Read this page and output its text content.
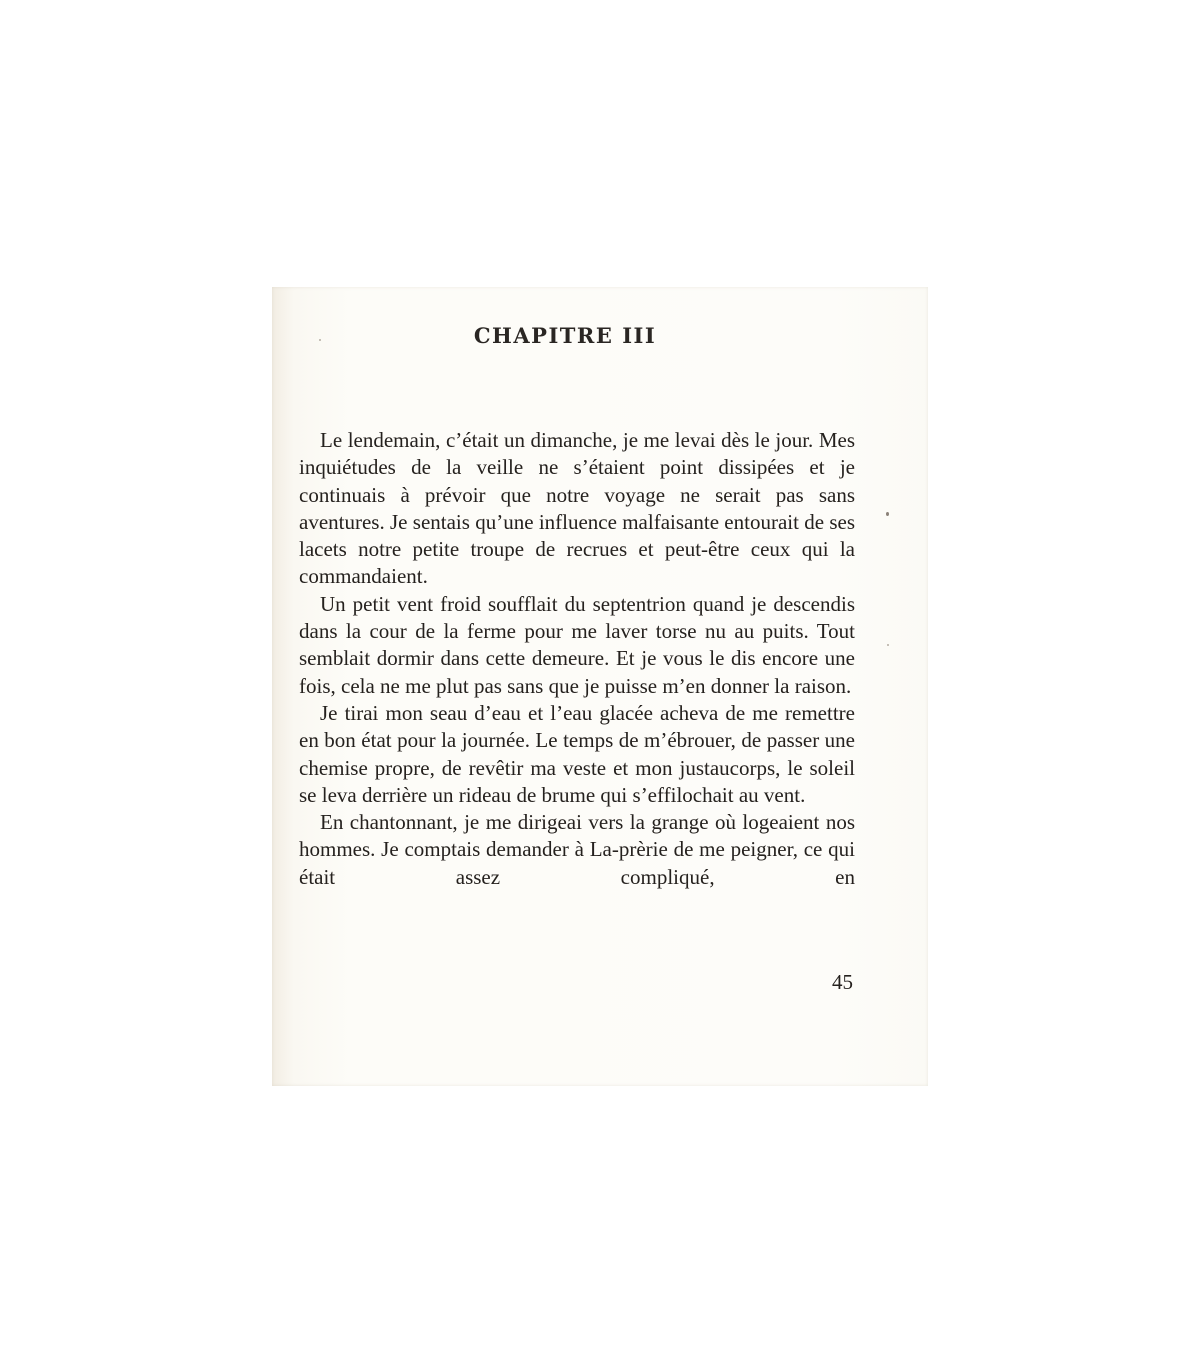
CHAPITRE III

Le lendemain, c’était un dimanche, je me levai dès le jour. Mes inquiétudes de la veille ne s’étaient point dissipées et je continuais à prévoir que notre voyage ne serait pas sans aventures. Je sentais qu’une influence malfaisante entourait de ses lacets notre petite troupe de recrues et peut-être ceux qui la commandaient.

Un petit vent froid soufflait du septentrion quand je descendis dans la cour de la ferme pour me laver torse nu au puits. Tout semblait dormir dans cette demeure. Et je vous le dis encore une fois, cela ne me plut pas sans que je puisse m’en donner la raison.

Je tirai mon seau d’eau et l’eau glacée acheva de me remettre en bon état pour la journée. Le temps de m’ébrouer, de passer une chemise propre, de revêtir ma veste et mon justaucorps, le soleil se leva derrière un rideau de brume qui s’effilochait au vent.

En chantonnant, je me dirigeai vers la grange où logeaient nos hommes. Je comptais demander à La-prèrie de me peigner, ce qui était assez compliqué, en

45
